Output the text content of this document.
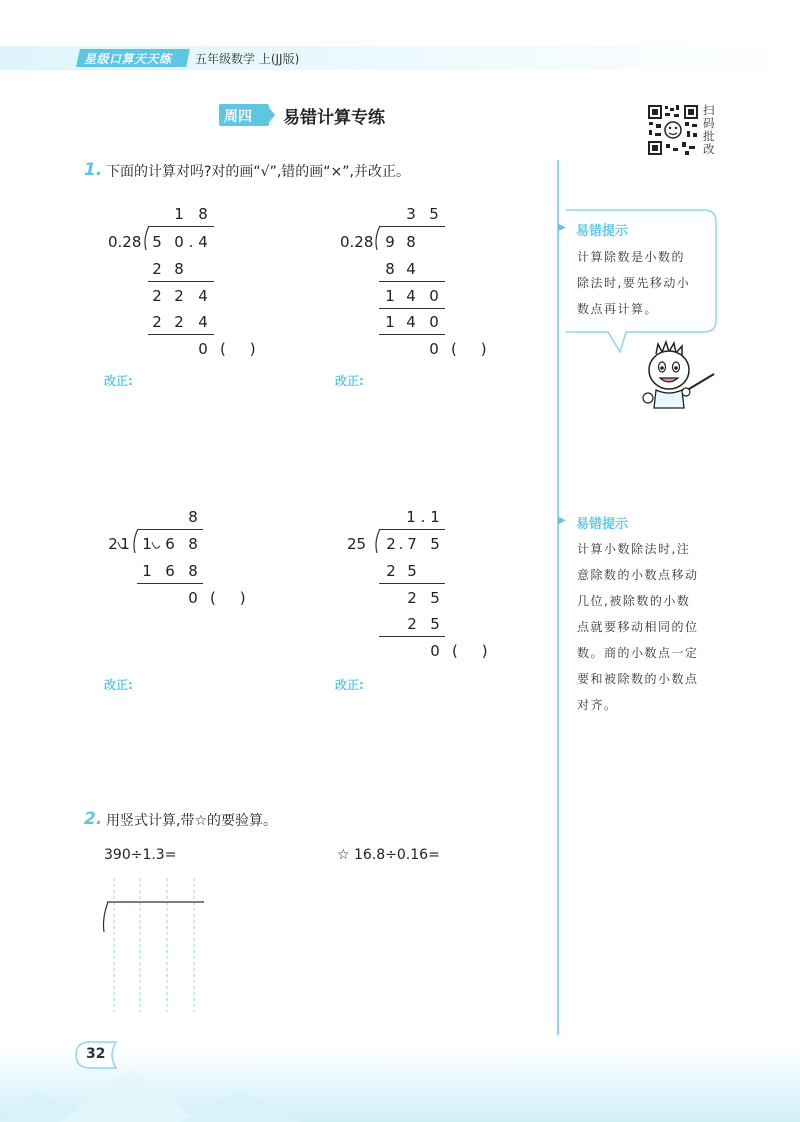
星级口算天天练 五年级数学 上(JJ版)
周四 易错计算专练	扫码批改
1. 下面的计算对吗?对的画“√”,错的画“×”,并改正。
1 8
0.28 5 0 . 4
2 8
2 2 4
2 2 4
0 (     )
改正:
3 5
0.28 9 8
8 4
1 4 0
1 4 0
0 (     )
改正:
8
2 1 1 6 8
1 6 8
0 (     )
改正:
1 . 1
25 2 . 7 5
2 5
2 5
2 5
0 (     )
改正:
2. 用竖式计算,带☆的要验算。
390÷1.3=	☆ 16.8÷0.16=
▶ 易错提示
计算除数是小数的
除法时,要先移动小
数点再计算。
▶ 易错提示
计算小数除法时,注
意除数的小数点移动
几位,被除数的小数
点就要移动相同的位
数。商的小数点一定
要和被除数的小数点
对齐。
32
